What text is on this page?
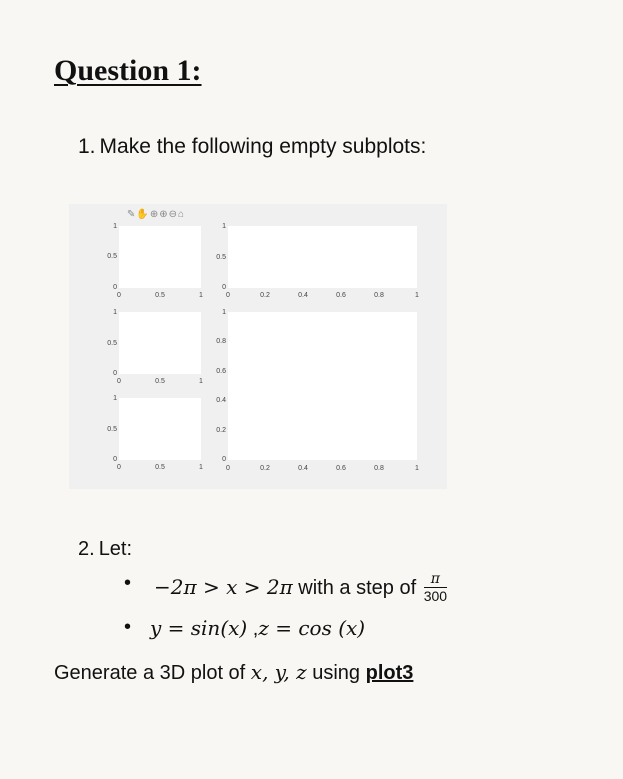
Question 1:
1. Make the following empty subplots:
✎✋⊕⊕⊖⌂
1
0.5
0
0	0.5	1
1
0.5
0
0	0.5	1
1
0.5
0
0	0.5	1
1
0.5
0
0	0.2	0.4	0.6	0.8	1
1
0.8
0.6
0.4
0.2
0
0	0.2	0.4	0.6	0.8	1
2. Let:
• −2π > x > 2π with a step of $\frac{\pi}{300}$
• y = sin(x) ,z = cos (x)
Generate a 3D plot of x, y, z using plot3
